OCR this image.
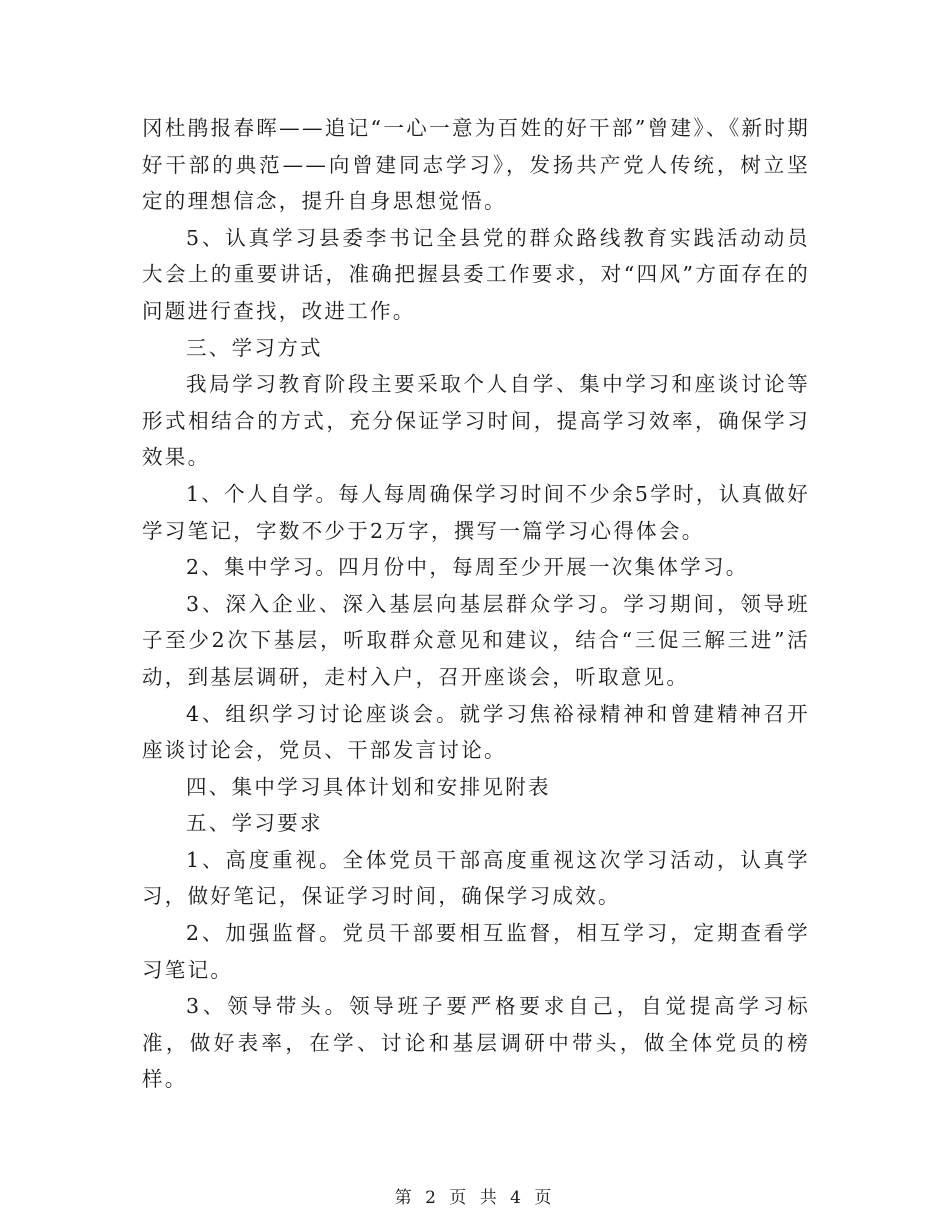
冈杜鹃报春晖——追记“一心一意为百姓的好干部”曾建》、《新时期好干部的典范——向曾建同志学习》，发扬共产党人传统，树立坚定的理想信念，提升自身思想觉悟。

5、认真学习县委李书记全县党的群众路线教育实践活动动员大会上的重要讲话，准确把握县委工作要求，对“四风”方面存在的问题进行查找，改进工作。

三、学习方式

我局学习教育阶段主要采取个人自学、集中学习和座谈讨论等形式相结合的方式，充分保证学习时间，提高学习效率，确保学习效果。

1、个人自学。每人每周确保学习时间不少余5学时，认真做好学习笔记，字数不少于2万字，撰写一篇学习心得体会。

2、集中学习。四月份中，每周至少开展一次集体学习。

3、深入企业、深入基层向基层群众学习。学习期间，领导班子至少2次下基层，听取群众意见和建议，结合“三促三解三进”活动，到基层调研，走村入户，召开座谈会，听取意见。

4、组织学习讨论座谈会。就学习焦裕禄精神和曾建精神召开座谈讨论会，党员、干部发言讨论。

四、集中学习具体计划和安排见附表

五、学习要求

1、高度重视。全体党员干部高度重视这次学习活动，认真学习，做好笔记，保证学习时间，确保学习成效。

2、加强监督。党员干部要相互监督，相互学习，定期查看学习笔记。

3、领导带头。领导班子要严格要求自己，自觉提高学习标准，做好表率，在学、讨论和基层调研中带头，做全体党员的榜样。

第 2 页 共 4 页
